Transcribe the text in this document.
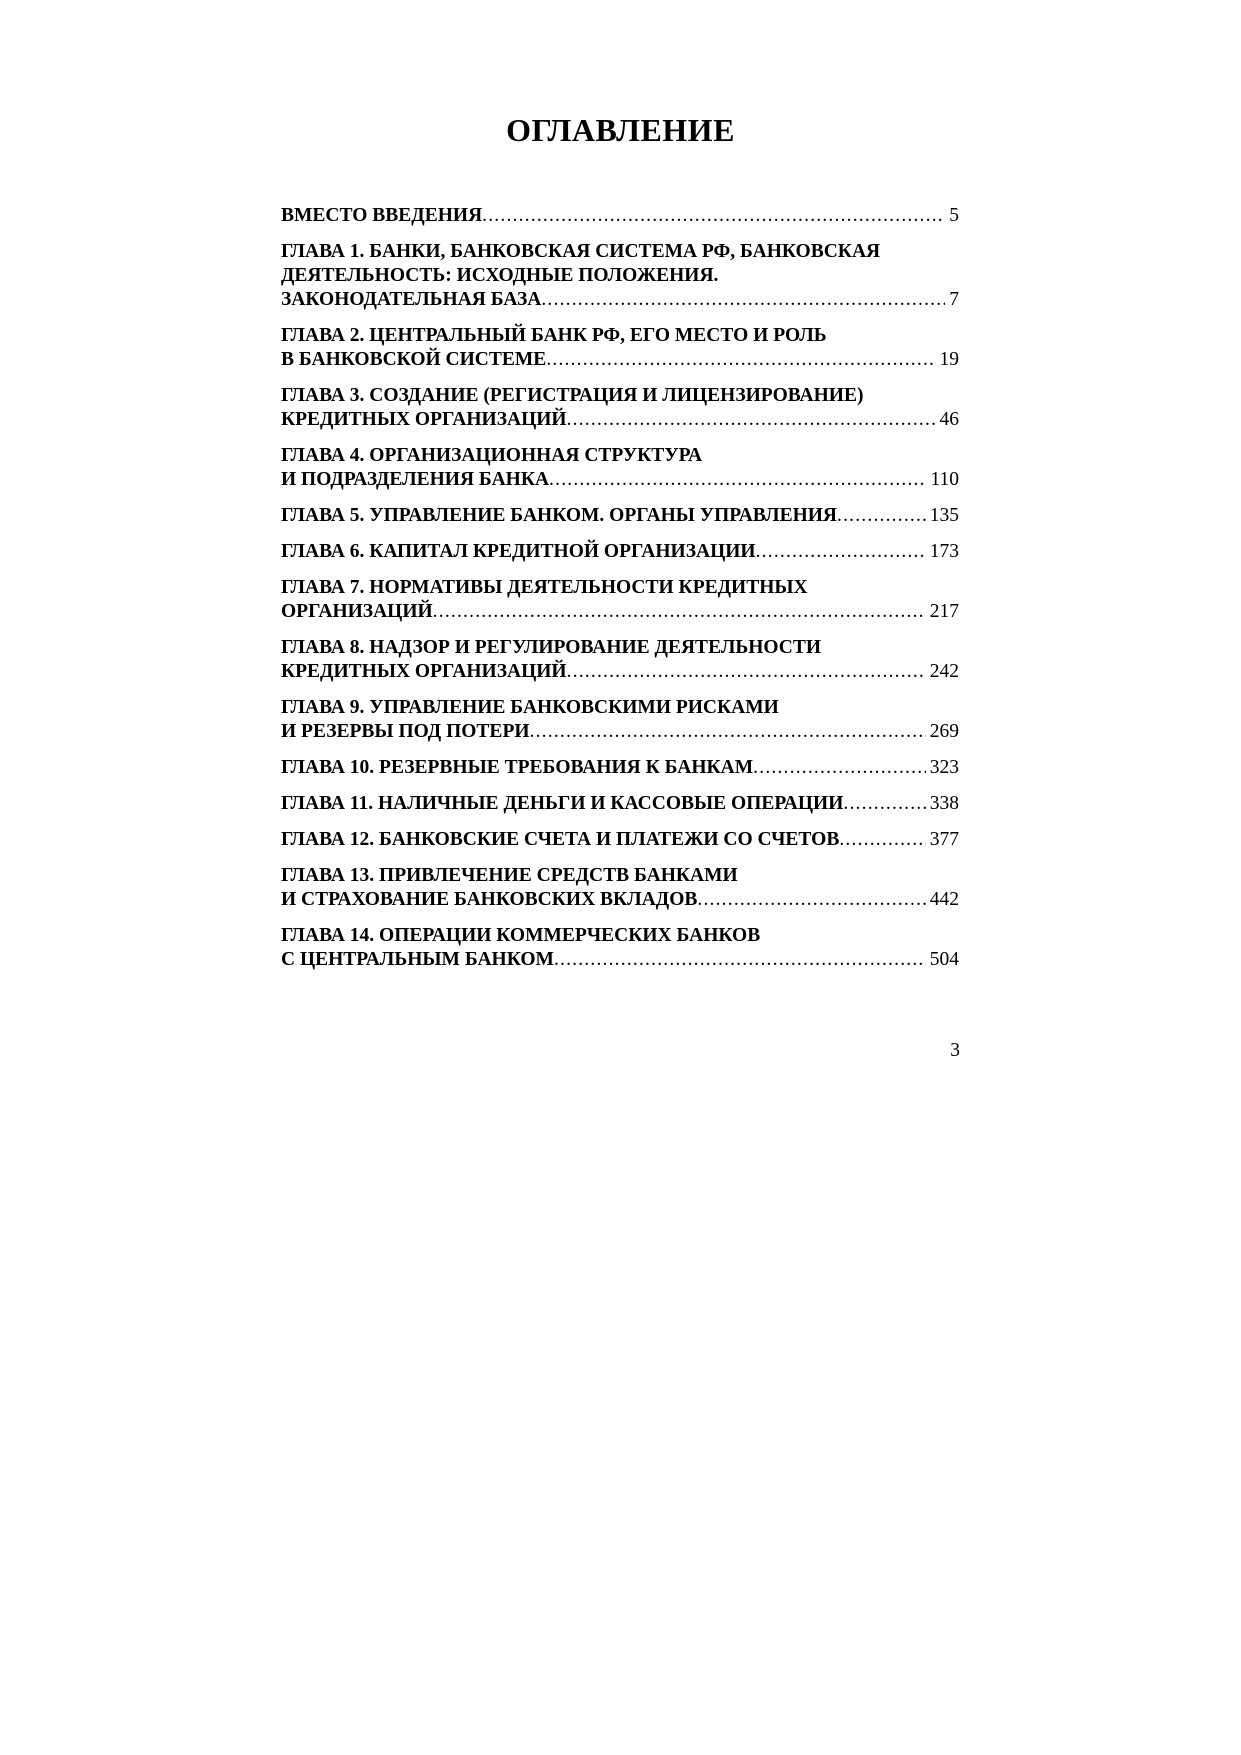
ОГЛАВЛЕНИЕ
ВМЕСТО ВВЕДЕНИЯ .....	5
ГЛАВА 1. БАНКИ, БАНКОВСКАЯ СИСТЕМА РФ, БАНКОВСКАЯ
ДЕЯТЕЛЬНОСТЬ: ИСХОДНЫЕ ПОЛОЖЕНИЯ.
ЗАКОНОДАТЕЛЬНАЯ БАЗА .....	7
ГЛАВА 2. ЦЕНТРАЛЬНЫЙ БАНК РФ, ЕГО МЕСТО И РОЛЬ
В БАНКОВСКОЙ СИСТЕМЕ .....	19
ГЛАВА 3. СОЗДАНИЕ (РЕГИСТРАЦИЯ И ЛИЦЕНЗИРОВАНИЕ)
КРЕДИТНЫХ ОРГАНИЗАЦИЙ .....	46
ГЛАВА 4. ОРГАНИЗАЦИОННАЯ СТРУКТУРА
И ПОДРАЗДЕЛЕНИЯ БАНКА .....	110
ГЛАВА 5. УПРАВЛЕНИЕ БАНКОМ. ОРГАНЫ УПРАВЛЕНИЯ .....	135
ГЛАВА 6. КАПИТАЛ КРЕДИТНОЙ ОРГАНИЗАЦИИ .....	173
ГЛАВА 7. НОРМАТИВЫ ДЕЯТЕЛЬНОСТИ КРЕДИТНЫХ
ОРГАНИЗАЦИЙ .....	217
ГЛАВА 8. НАДЗОР И РЕГУЛИРОВАНИЕ ДЕЯТЕЛЬНОСТИ
КРЕДИТНЫХ ОРГАНИЗАЦИЙ .....	242
ГЛАВА 9. УПРАВЛЕНИЕ БАНКОВСКИМИ РИСКАМИ
И РЕЗЕРВЫ ПОД ПОТЕРИ .....	269
ГЛАВА 10. РЕЗЕРВНЫЕ ТРЕБОВАНИЯ К БАНКАМ .....	323
ГЛАВА 11. НАЛИЧНЫЕ ДЕНЬГИ И КАССОВЫЕ ОПЕРАЦИИ .....	338
ГЛАВА 12. БАНКОВСКИЕ СЧЕТА И ПЛАТЕЖИ СО СЧЕТОВ .....	377
ГЛАВА 13. ПРИВЛЕЧЕНИЕ СРЕДСТВ БАНКАМИ
И СТРАХОВАНИЕ БАНКОВСКИХ ВКЛАДОВ .....	442
ГЛАВА 14. ОПЕРАЦИИ КОММЕРЧЕСКИХ БАНКОВ
С ЦЕНТРАЛЬНЫМ БАНКОМ .....	504
3
